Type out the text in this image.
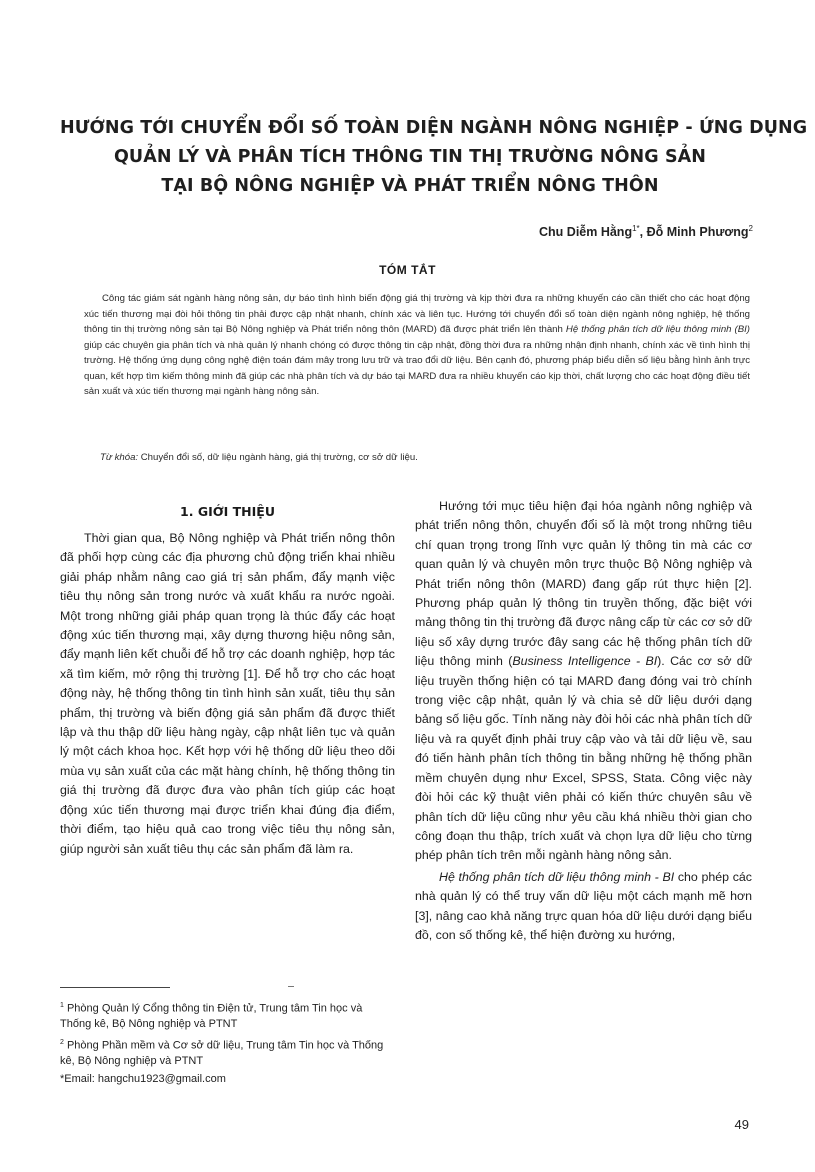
HƯỚNG TỚI CHUYỂN ĐỔI SỐ TOÀN DIỆN NGÀNH NÔNG NGHIỆP - ỨNG DỤNG
QUẢN LÝ VÀ PHÂN TÍCH THÔNG TIN THỊ TRƯỜNG NÔNG SẢN
TẠI BỘ NÔNG NGHIỆP VÀ PHÁT TRIỂN NÔNG THÔN
Chu Diễm Hằng$^{1*}$, Đỗ Minh Phương$^2$
TÓM TẮT

Công tác giám sát ngành hàng nông sản, dự báo tình hình biến động giá thị trường và kịp thời đưa ra những khuyến cáo cần thiết cho các hoạt động xúc tiến thương mại đòi hỏi thông tin phải được cập nhật nhanh, chính xác và liên tục. Hướng tới chuyển đổi số toàn diện ngành nông nghiệp, hệ thống thông tin thị trường nông sản tại Bộ Nông nghiệp và Phát triển nông thôn (MARD) đã được phát triển lên thành Hệ thống phân tích dữ liệu thông minh (BI) giúp các chuyên gia phân tích và nhà quản lý nhanh chóng có được thông tin cập nhật, đồng thời đưa ra những nhận định nhanh, chính xác về tình hình thị trường. Hệ thống ứng dụng công nghệ điện toán đám mây trong lưu trữ và trao đổi dữ liệu. Bên cạnh đó, phương pháp biểu diễn số liệu bằng hình ảnh trực quan, kết hợp tìm kiếm thông minh đã giúp các nhà phân tích và dự báo tại MARD đưa ra nhiều khuyến cáo kịp thời, chất lượng cho các hoạt động điều tiết sản xuất và xúc tiến thương mại ngành hàng nông sản.

Từ khóa: Chuyển đổi số, dữ liệu ngành hàng, giá thị trường, cơ sở dữ liệu.

1. GIỚI THIỆU

Thời gian qua, Bộ Nông nghiệp và Phát triển nông thôn đã phối hợp cùng các địa phương chủ động triển khai nhiều giải pháp nhằm nâng cao giá trị sản phẩm, đẩy mạnh việc tiêu thụ nông sản trong nước và xuất khẩu ra nước ngoài. Một trong những giải pháp quan trọng là thúc đẩy các hoạt động xúc tiến thương mại, xây dựng thương hiệu nông sản, đẩy mạnh liên kết chuỗi để hỗ trợ các doanh nghiệp, hợp tác xã tìm kiếm, mở rộng thị trường [1]. Để hỗ trợ cho các hoạt động này, hệ thống thông tin tình hình sản xuất, tiêu thụ sản phẩm, thị trường và biến động giá sản phẩm đã được thiết lập và thu thập dữ liệu hàng ngày, cập nhật liên tục và quản lý một cách khoa học. Kết hợp với hệ thống dữ liệu theo dõi mùa vụ sản xuất của các mặt hàng chính, hệ thống thông tin giá thị trường đã được đưa vào phân tích giúp các hoạt động xúc tiến thương mại được triển khai đúng địa điểm, thời điểm, tạo hiệu quả cao trong việc tiêu thụ nông sản, giúp người sản xuất tiêu thụ các sản phẩm đã làm ra.

Hướng tới mục tiêu hiện đại hóa ngành nông nghiệp và phát triển nông thôn, chuyển đổi số là một trong những tiêu chí quan trọng trong lĩnh vực quản lý thông tin mà các cơ quan quản lý và chuyên môn trực thuộc Bộ Nông nghiệp và Phát triển nông thôn (MARD) đang gấp rút thực hiện [2]. Phương pháp quản lý thông tin truyền thống, đặc biệt với mảng thông tin thị trường đã được nâng cấp từ các cơ sở dữ liệu số xây dựng trước đây sang các hệ thống phân tích dữ liệu thông minh (Business Intelligence - BI). Các cơ sở dữ liệu truyền thống hiện có tại MARD đang đóng vai trò chính trong việc cập nhật, quản lý và chia sẻ dữ liệu dưới dạng bảng số liệu gốc. Tính năng này đòi hỏi các nhà phân tích dữ liệu và ra quyết định phải truy cập vào và tải dữ liệu về, sau đó tiến hành phân tích thông tin bằng những hệ thống phần mềm chuyên dụng như Excel, SPSS, Stata. Công việc này đòi hỏi các kỹ thuật viên phải có kiến thức chuyên sâu về phân tích dữ liệu cũng như yêu cầu khá nhiều thời gian cho công đoạn thu thập, trích xuất và chọn lựa dữ liệu cho từng phép phân tích trên mỗi ngành hàng nông sản.

Hệ thống phân tích dữ liệu thông minh - BI cho phép các nhà quản lý có thể truy vấn dữ liệu một cách mạnh mẽ hơn [3], nâng cao khả năng trực quan hóa dữ liệu dưới dạng biểu đồ, con số thống kê, thể hiện đường xu hướng,

$^1$ Phòng Quản lý Cổng thông tin Điện tử, Trung tâm Tin học và Thống kê, Bộ Nông nghiệp và PTNT

$^2$ Phòng Phần mềm và Cơ sở dữ liệu, Trung tâm Tin học và Thống kê, Bộ Nông nghiệp và PTNT

*Email: hangchu1923@gmail.com

49
